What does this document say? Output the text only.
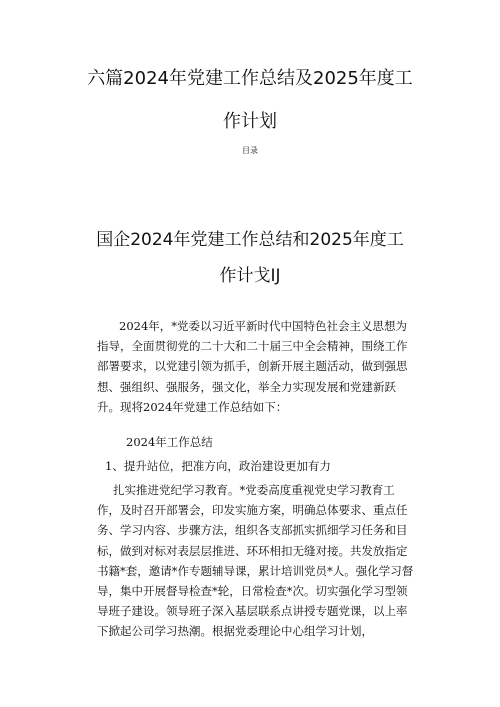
六篇2024年党建工作总结及2025年度工
作计划
目录
国企2024年党建工作总结和2025年度工
作计戈IJ

2024年，*党委以习近平新时代中国特色社会主义思想为指导，全面贯彻党的二十大和二十届三中全会精神，围绕工作部署要求，以党建引领为抓手，创新开展主题活动，做到强思想、强组织、强服务，强文化，举全力实现发展和党建新跃升。现将2024年党建工作总结如下：

2024年工作总结

1、提升站位，把准方向，政治建设更加有力

扎实推进党纪学习教育。*党委高度重视党史学习教育工作，及时召开部署会，印发实施方案，明确总体要求、重点任务、学习内容、步骤方法，组织各支部抓实抓细学习任务和目标，做到对标对表层层推进、环环相扣无缝对接。共发放指定书籍*套，邀请*作专题辅导课，累计培训党员*人。强化学习督导，集中开展督导检查*轮，日常检查*次。切实强化学习型领导班子建设。领导班子深入基层联系点讲授专题党课，以上率下掀起公司学习热潮。根据党委理论中心组学习计划，
